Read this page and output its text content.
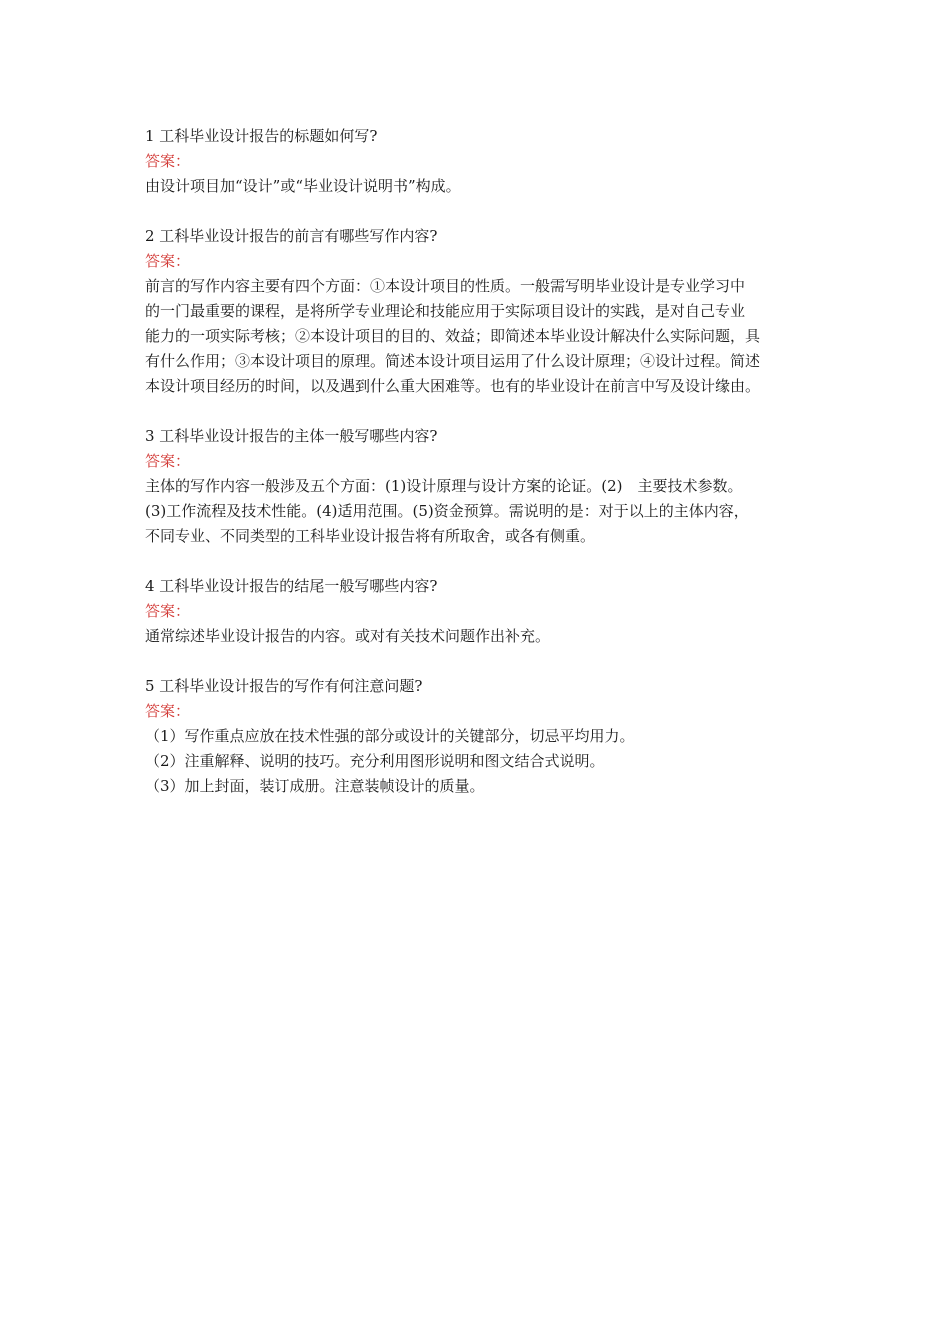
1 工科毕业设计报告的标题如何写?
答案：
由设计项目加“设计”或“毕业设计说明书”构成。
2 工科毕业设计报告的前言有哪些写作内容?
答案：
前言的写作内容主要有四个方面：①本设计项目的性质。一般需写明毕业设计是专业学习中
的一门最重要的课程，是将所学专业理论和技能应用于实际项目设计的实践，是对自己专业
能力的一项实际考核；②本设计项目的目的、效益；即简述本毕业设计解决什么实际问题，具
有什么作用；③本设计项目的原理。简述本设计项目运用了什么设计原理；④设计过程。简述
本设计项目经历的时间，以及遇到什么重大困难等。也有的毕业设计在前言中写及设计缘由。
3 工科毕业设计报告的主体一般写哪些内容?
答案：
主体的写作内容一般涉及五个方面：(1)设计原理与设计方案的论证。(2)　主要技术参数。
(3)工作流程及技术性能。(4)适用范围。(5)资金预算。需说明的是：对于以上的主体内容，
不同专业、不同类型的工科毕业设计报告将有所取舍，或各有侧重。
4 工科毕业设计报告的结尾一般写哪些内容?
答案：
通常综述毕业设计报告的内容。或对有关技术问题作出补充。
5 工科毕业设计报告的写作有何注意问题?
答案：
（1）写作重点应放在技术性强的部分或设计的关键部分，切忌平均用力。
（2）注重解释、说明的技巧。充分利用图形说明和图文结合式说明。
（3）加上封面，装订成册。注意装帧设计的质量。
